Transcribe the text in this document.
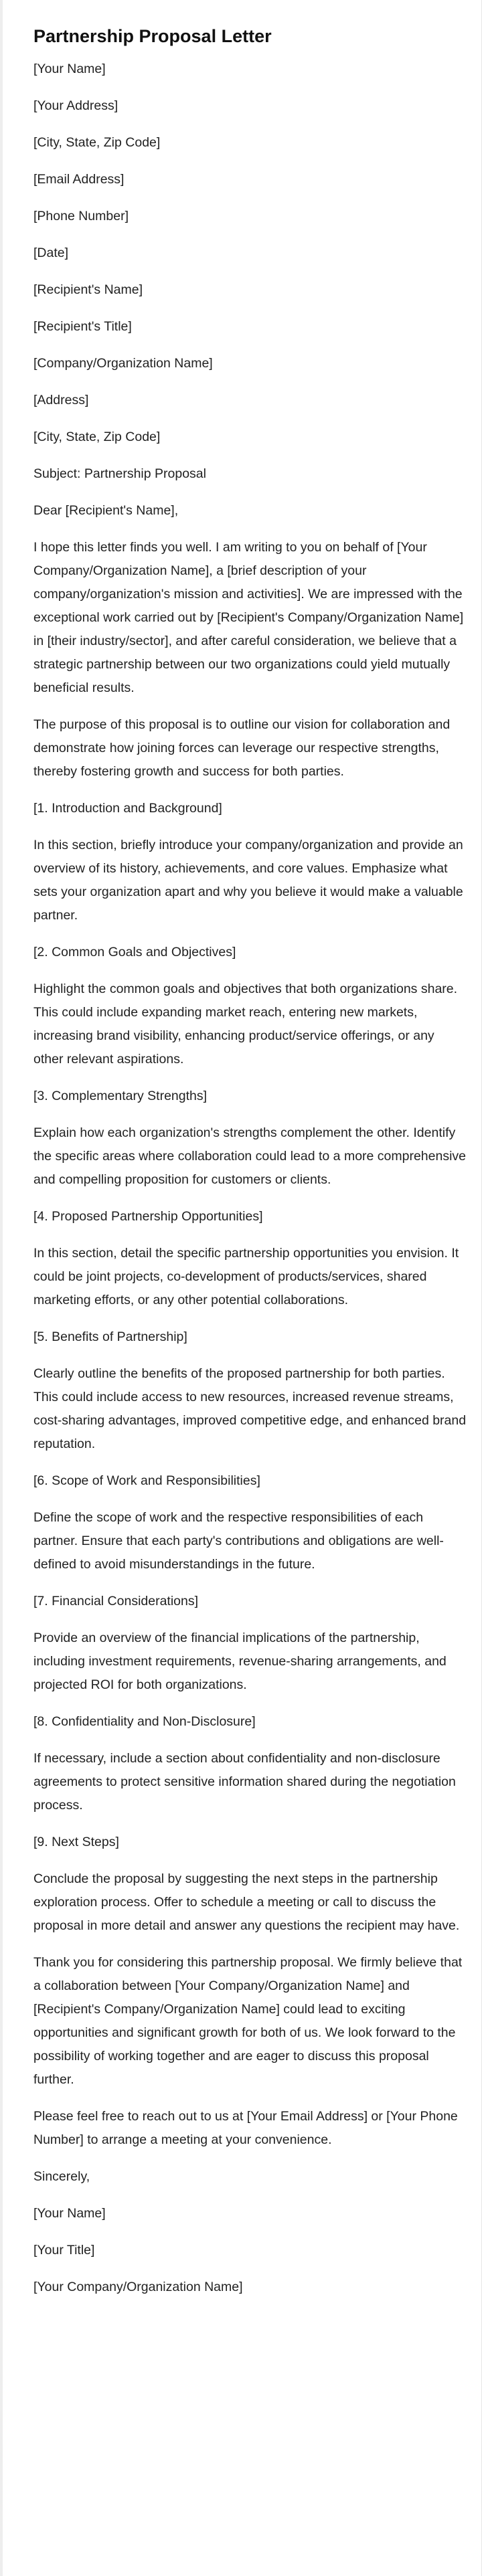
Partnership Proposal Letter

[Your Name]

[Your Address]

[City, State, Zip Code]

[Email Address]

[Phone Number]

[Date]

[Recipient's Name]

[Recipient's Title]

[Company/Organization Name]

[Address]

[City, State, Zip Code]

Subject: Partnership Proposal

Dear [Recipient's Name],

I hope this letter finds you well. I am writing to you on behalf of [Your Company/Organization Name], a [brief description of your company/organization's mission and activities]. We are impressed with the exceptional work carried out by [Recipient's Company/Organization Name] in [their industry/sector], and after careful consideration, we believe that a strategic partnership between our two organizations could yield mutually beneficial results.

The purpose of this proposal is to outline our vision for collaboration and demonstrate how joining forces can leverage our respective strengths, thereby fostering growth and success for both parties.

[1. Introduction and Background]

In this section, briefly introduce your company/organization and provide an overview of its history, achievements, and core values. Emphasize what sets your organization apart and why you believe it would make a valuable partner.

[2. Common Goals and Objectives]

Highlight the common goals and objectives that both organizations share. This could include expanding market reach, entering new markets, increasing brand visibility, enhancing product/service offerings, or any other relevant aspirations.

[3. Complementary Strengths]

Explain how each organization's strengths complement the other. Identify the specific areas where collaboration could lead to a more comprehensive and compelling proposition for customers or clients.

[4. Proposed Partnership Opportunities]

In this section, detail the specific partnership opportunities you envision. It could be joint projects, co-development of products/services, shared marketing efforts, or any other potential collaborations.

[5. Benefits of Partnership]

Clearly outline the benefits of the proposed partnership for both parties. This could include access to new resources, increased revenue streams, cost-sharing advantages, improved competitive edge, and enhanced brand reputation.

[6. Scope of Work and Responsibilities]

Define the scope of work and the respective responsibilities of each partner. Ensure that each party's contributions and obligations are well-defined to avoid misunderstandings in the future.

[7. Financial Considerations]

Provide an overview of the financial implications of the partnership, including investment requirements, revenue-sharing arrangements, and projected ROI for both organizations.

[8. Confidentiality and Non-Disclosure]

If necessary, include a section about confidentiality and non-disclosure agreements to protect sensitive information shared during the negotiation process.

[9. Next Steps]

Conclude the proposal by suggesting the next steps in the partnership exploration process. Offer to schedule a meeting or call to discuss the proposal in more detail and answer any questions the recipient may have.

Thank you for considering this partnership proposal. We firmly believe that a collaboration between [Your Company/Organization Name] and [Recipient's Company/Organization Name] could lead to exciting opportunities and significant growth for both of us. We look forward to the possibility of working together and are eager to discuss this proposal further.

Please feel free to reach out to us at [Your Email Address] or [Your Phone Number] to arrange a meeting at your convenience.

Sincerely,

[Your Name]

[Your Title]

[Your Company/Organization Name]
